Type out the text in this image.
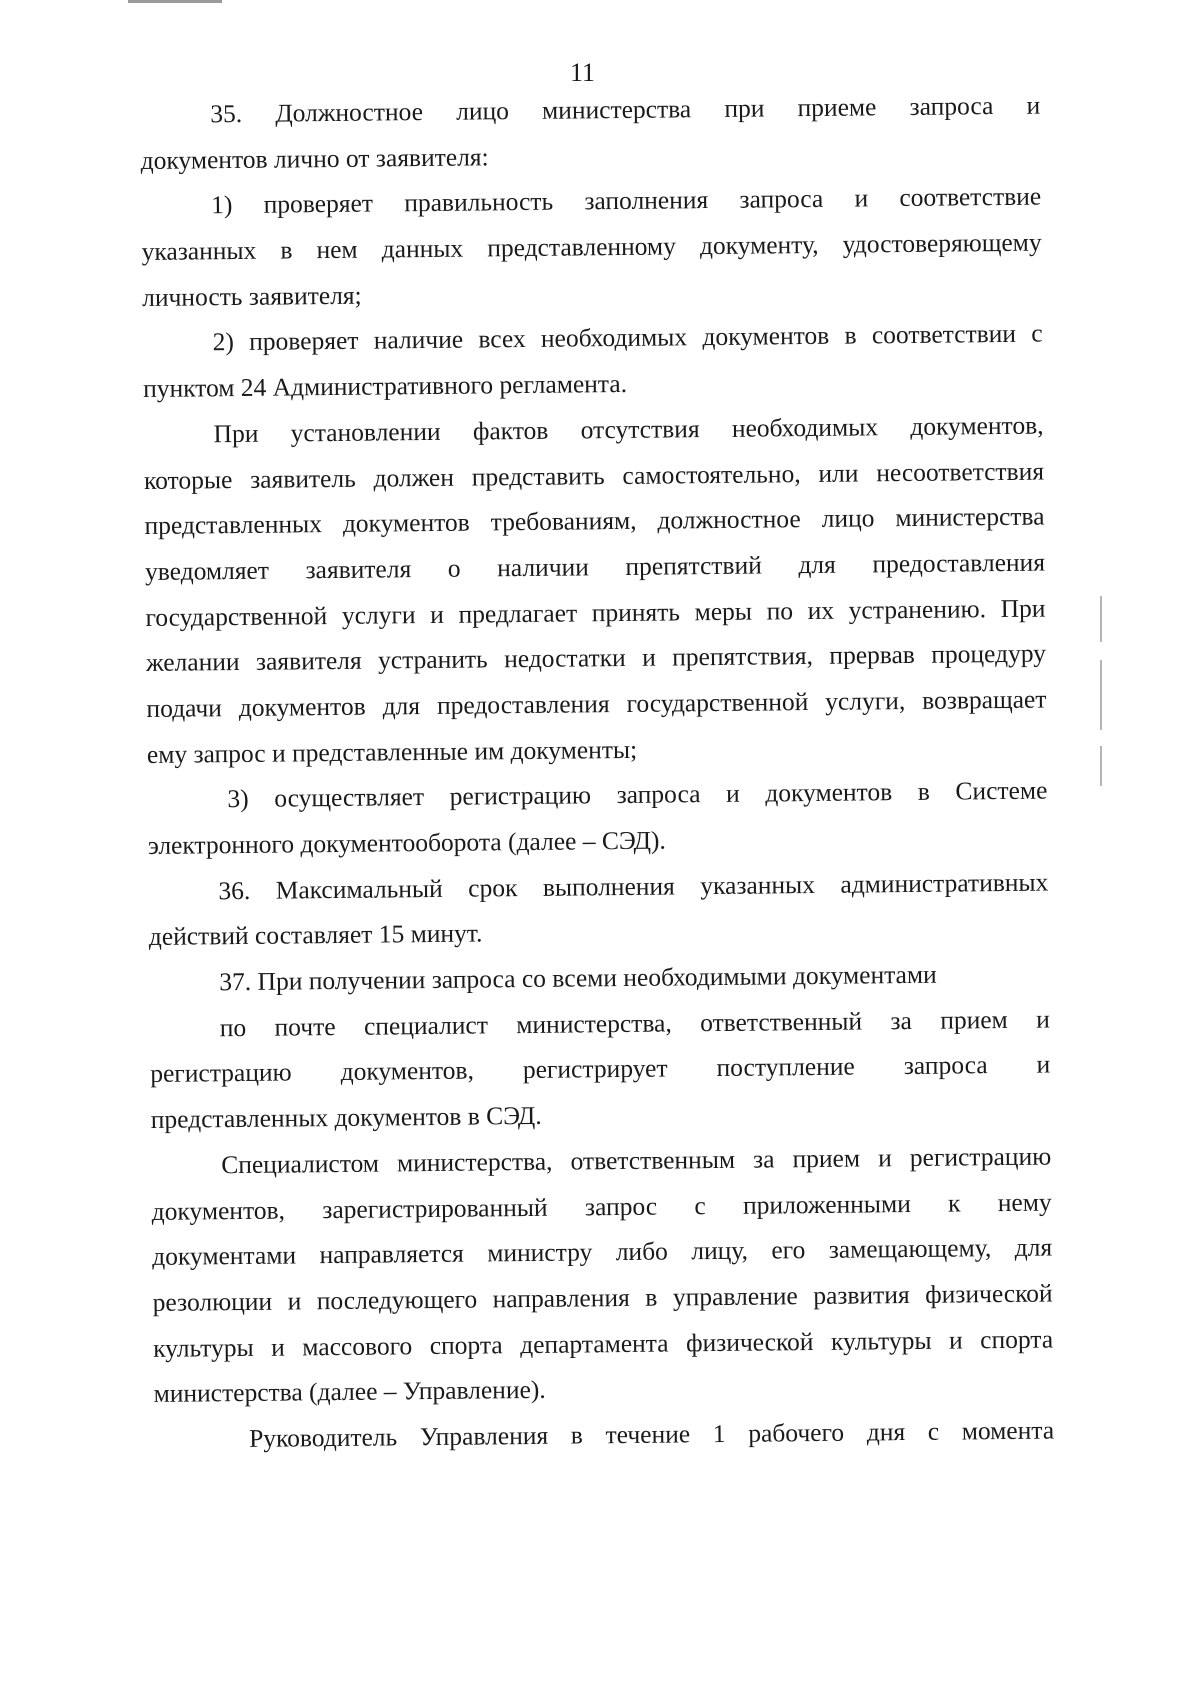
11
35. Должностное лицо министерства при приеме запроса и
документов лично от заявителя:
1) проверяет правильность заполнения запроса и соответствие
указанных в нем данных представленному документу, удостоверяющему
личность заявителя;
2) проверяет наличие всех необходимых документов в соответствии с
пунктом 24 Административного регламента.
При установлении фактов отсутствия необходимых документов,
которые заявитель должен представить самостоятельно, или несоответствия
представленных документов требованиям, должностное лицо министерства
уведомляет заявителя о наличии препятствий для предоставления
государственной услуги и предлагает принять меры по их устранению. При
желании заявителя устранить недостатки и препятствия, прервав процедуру
подачи документов для предоставления государственной услуги, возвращает
ему запрос и представленные им документы;
3) осуществляет регистрацию запроса и документов в Системе
электронного документооборота (далее – СЭД).
36. Максимальный срок выполнения указанных административных
действий составляет 15 минут.
37. При получении запроса со всеми необходимыми документами
по почте специалист министерства, ответственный за прием и
регистрацию документов, регистрирует поступление запроса и
представленных документов в СЭД.
Специалистом министерства, ответственным за прием и регистрацию
документов, зарегистрированный запрос с приложенными к нему
документами направляется министру либо лицу, его замещающему, для
резолюции и последующего направления в управление развития физической
культуры и массового спорта департамента физической культуры и спорта
министерства (далее – Управление).
Руководитель Управления в течение 1 рабочего дня с момента
